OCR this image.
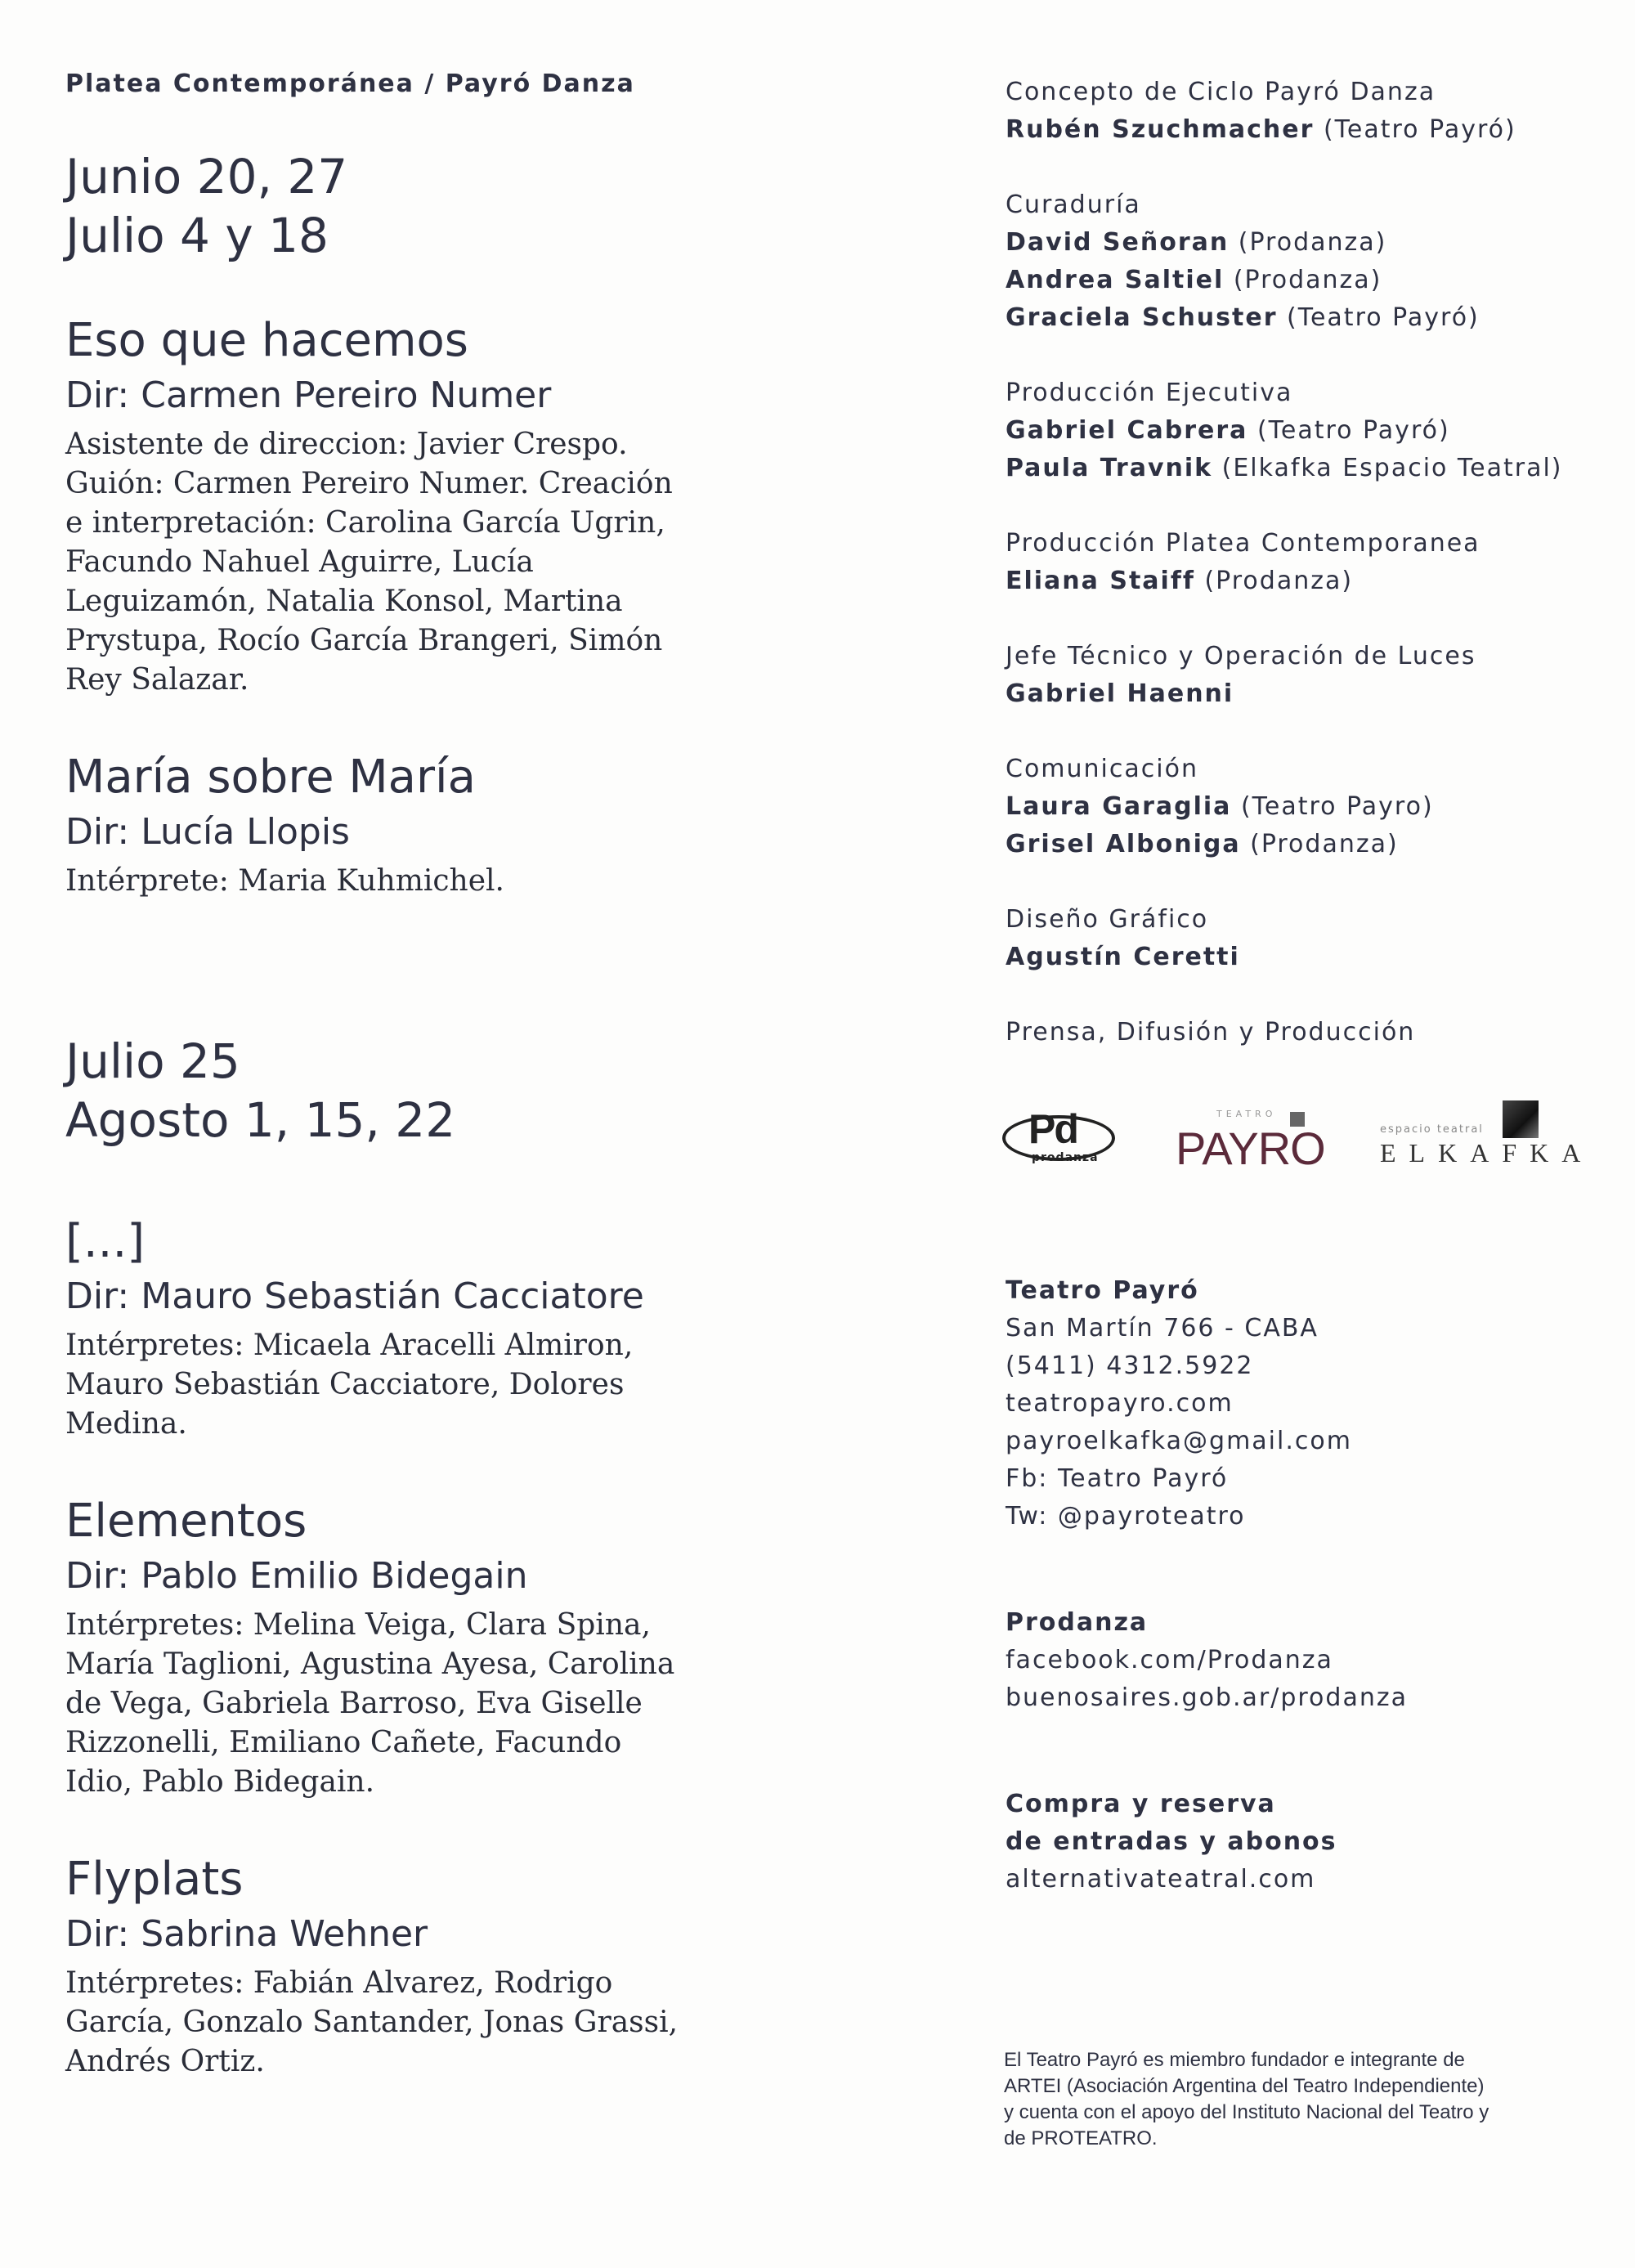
Platea Contemporánea / Payró Danza
Junio 20, 27
Julio 4 y 18
Eso que hacemos
Dir: Carmen Pereiro Numer

Asistente de direccion: Javier Crespo. Guión: Carmen Pereiro Numer. Creación e interpretación: Carolina García Ugrin, Facundo Nahuel Aguirre, Lucía Leguizamón, Natalia Konsol, Martina Prystupa, Rocío García Brangeri, Simón Rey Salazar.

María sobre María
Dir: Lucía Llopis

Intérprete: Maria Kuhmichel.

Julio 25
Agosto 1, 15, 22
[...]
Dir: Mauro Sebastián Cacciatore

Intérpretes: Micaela Aracelli Almiron, Mauro Sebastián Cacciatore, Dolores Medina.

Elementos
Dir: Pablo Emilio Bidegain

Intérpretes: Melina Veiga, Clara Spina, María Taglioni, Agustina Ayesa, Carolina de Vega, Gabriela Barroso, Eva Giselle Rizzonelli, Emiliano Cañete, Facundo Idio, Pablo Bidegain.

Flyplats
Dir: Sabrina Wehner

Intérpretes: Fabián Alvarez, Rodrigo García, Gonzalo Santander, Jonas Grassi, Andrés Ortiz.

Concepto de Ciclo Payró Danza
Rubén Szuchmacher (Teatro Payró)
Curaduría
David Señoran (Prodanza)
Andrea Saltiel (Prodanza)
Graciela Schuster (Teatro Payró)
Producción Ejecutiva
Gabriel Cabrera (Teatro Payró)
Paula Travnik (Elkafka Espacio Teatral)
Producción Platea Contemporanea
Eliana Staiff (Prodanza)
Jefe Técnico y Operación de Luces
Gabriel Haenni
Comunicación
Laura Garaglia (Teatro Payro)
Grisel Alboniga (Prodanza)
Diseño Gráfico
Agustín Ceretti
Prensa, Difusión y Producción
Pd
prodanza
TEATRO
PAYRO	espacio teatral
ELKAFKA
Teatro Payró
San Martín 766 - CABA
(5411) 4312.5922
teatropayro.com
payroelkafka@gmail.com
Fb: Teatro Payró
Tw: @payroteatro
Prodanza
facebook.com/Prodanza
buenosaires.gob.ar/prodanza
Compra y reserva
de entradas y abonos
alternativateatral.com
El Teatro Payró es miembro fundador e integrante de ARTEI (Asociación Argentina del Teatro Independiente) y cuenta con el apoyo del Instituto Nacional del Teatro y de PROTEATRO.
